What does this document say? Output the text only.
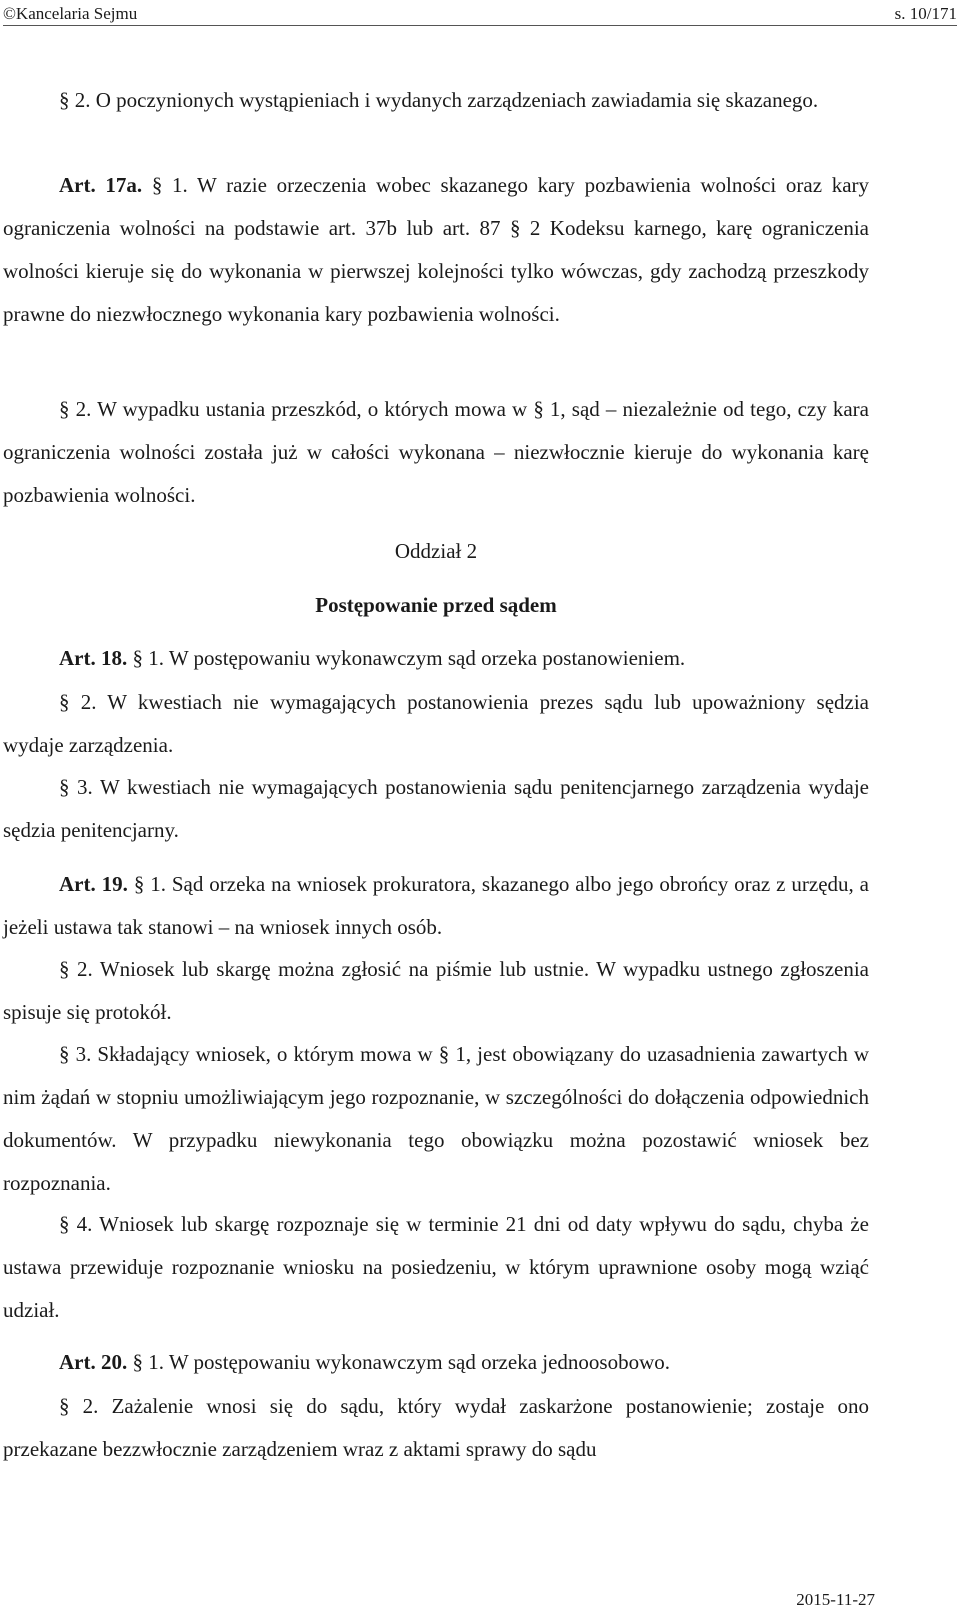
©Kancelaria Sejmu	s. 10/171

§ 2. O poczynionych wystąpieniach i wydanych zarządzeniach zawiadamia się skazanego.

Art. 17a. § 1. W razie orzeczenia wobec skazanego kary pozbawienia wolności oraz kary ograniczenia wolności na podstawie art. 37b lub art. 87 § 2 Kodeksu karnego, karę ograniczenia wolności kieruje się do wykonania w pierwszej kolejności tylko wówczas, gdy zachodzą przeszkody prawne do niezwłocznego wykonania kary pozbawienia wolności.

§ 2. W wypadku ustania przeszkód, o których mowa w § 1, sąd – niezależnie od tego, czy kara ograniczenia wolności została już w całości wykonana – niezwłocznie kieruje do wykonania karę pozbawienia wolności.

Oddział 2

Postępowanie przed sądem

Art. 18. § 1. W postępowaniu wykonawczym sąd orzeka postanowieniem.

§ 2. W kwestiach nie wymagających postanowienia prezes sądu lub upoważniony sędzia wydaje zarządzenia.

§ 3. W kwestiach nie wymagających postanowienia sądu penitencjarnego zarządzenia wydaje sędzia penitencjarny.

Art. 19. § 1. Sąd orzeka na wniosek prokuratora, skazanego albo jego obrońcy oraz z urzędu, a jeżeli ustawa tak stanowi – na wniosek innych osób.

§ 2. Wniosek lub skargę można zgłosić na piśmie lub ustnie. W wypadku ustnego zgłoszenia spisuje się protokół.

§ 3. Składający wniosek, o którym mowa w § 1, jest obowiązany do uzasadnienia zawartych w nim żądań w stopniu umożliwiającym jego rozpoznanie, w szczególności do dołączenia odpowiednich dokumentów. W przypadku niewykonania tego obowiązku można pozostawić wniosek bez rozpoznania.

§ 4. Wniosek lub skargę rozpoznaje się w terminie 21 dni od daty wpływu do sądu, chyba że ustawa przewiduje rozpoznanie wniosku na posiedzeniu, w którym uprawnione osoby mogą wziąć udział.

Art. 20. § 1. W postępowaniu wykonawczym sąd orzeka jednoosobowo.

§ 2. Zażalenie wnosi się do sądu, który wydał zaskarżone postanowienie; zostaje ono przekazane bezzwłocznie zarządzeniem wraz z aktami sprawy do sądu

2015-11-27
